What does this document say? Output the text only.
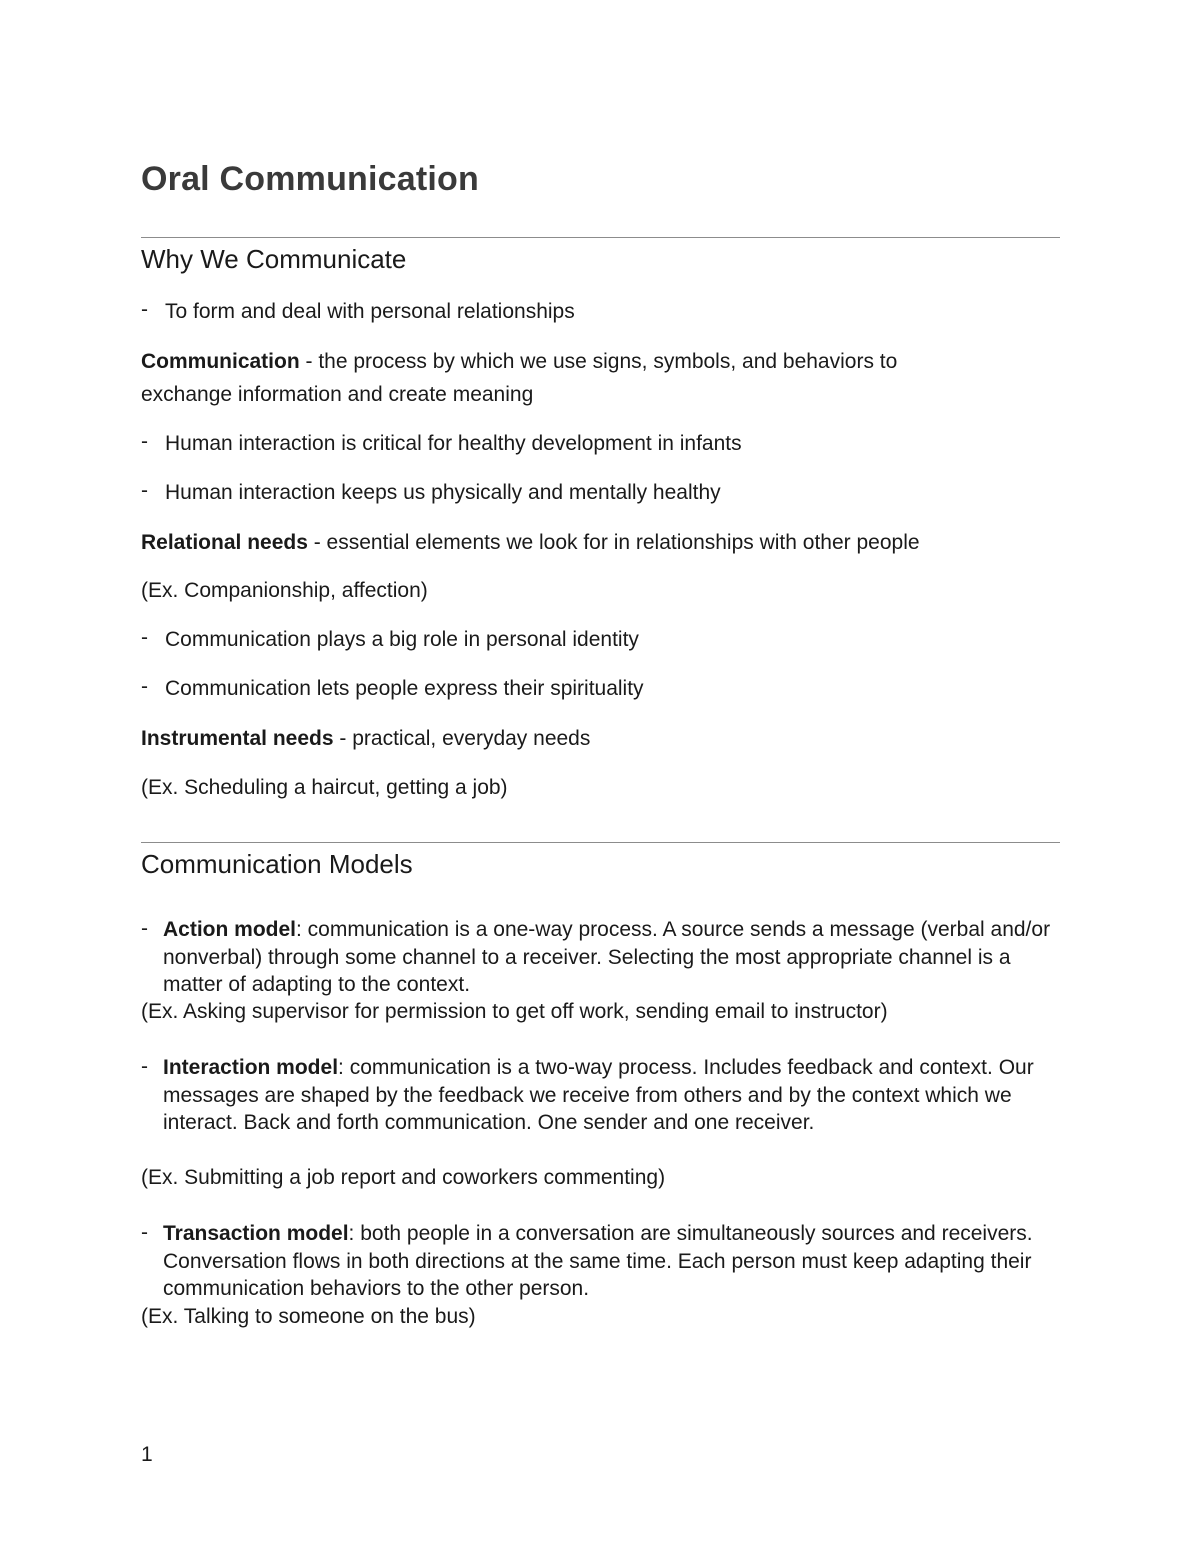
Oral Communication
Why We Communicate
- To form and deal with personal relationships

Communication - the process by which we use signs, symbols, and behaviors to

exchange information and create meaning

- Human interaction is critical for healthy development in infants
- Human interaction keeps us physically and mentally healthy

Relational needs - essential elements we look for in relationships with other people

(Ex. Companionship, affection)

- Communication plays a big role in personal identity
- Communication lets people express their spirituality

Instrumental needs - practical, everyday needs

(Ex. Scheduling a haircut, getting a job)

Communication Models
- Action model: communication is a one-way process. A source sends a message (verbal and/or nonverbal) through some channel to a receiver. Selecting the most appropriate channel is a matter of adapting to the context.

(Ex. Asking supervisor for permission to get off work, sending email to instructor)

- Interaction model: communication is a two-way process. Includes feedback and context. Our messages are shaped by the feedback we receive from others and by the context which we interact. Back and forth communication. One sender and one receiver.

(Ex. Submitting a job report and coworkers commenting)

- Transaction model: both people in a conversation are simultaneously sources and receivers. Conversation flows in both directions at the same time. Each person must keep adapting their communication behaviors to the other person.

(Ex. Talking to someone on the bus)

1
